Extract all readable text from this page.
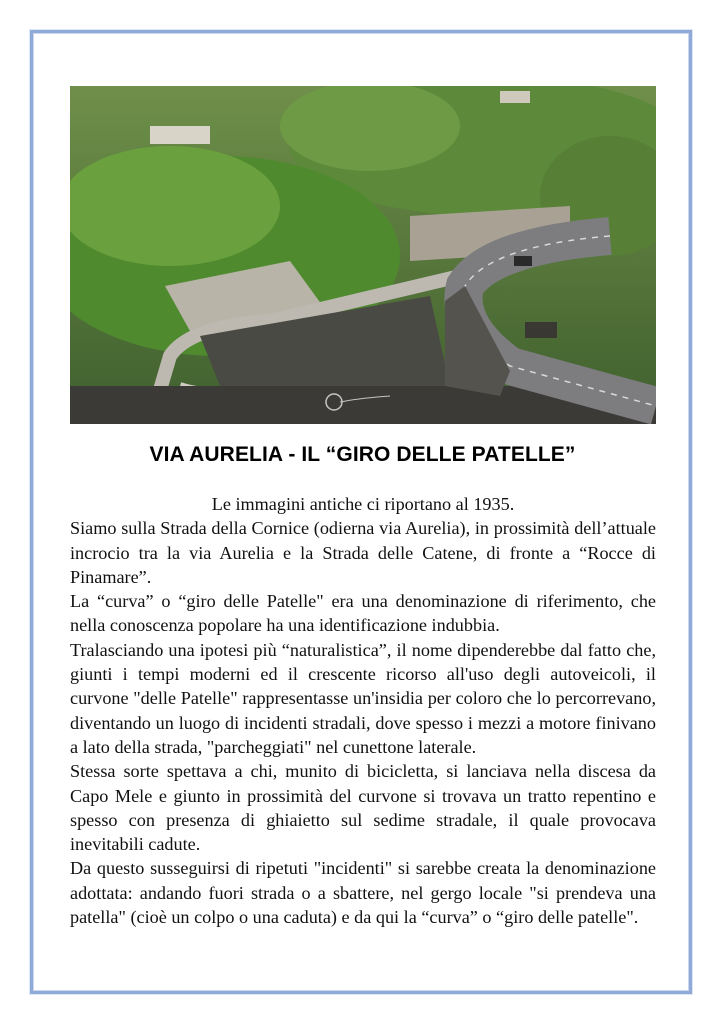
VIA AURELIA - IL “GIRO DELLE PATELLE”

Le immagini antiche ci riportano al 1935.

Siamo sulla Strada della Cornice (odierna via Aurelia), in prossimità dell’attuale incrocio tra la via Aurelia e la Strada delle Catene, di fronte a “Rocce di Pinamare”.

La “curva” o “giro delle Patelle" era una denominazione di riferimento, che nella conoscenza popolare ha una identificazione indubbia.

Tralasciando una ipotesi più “naturalistica”, il nome dipenderebbe dal fatto che, giunti i tempi moderni ed il crescente ricorso all'uso degli autoveicoli, il curvone "delle Patelle" rappresentasse un'insidia per coloro che lo percorrevano, diventando un luogo di incidenti stradali, dove spesso i mezzi a motore finivano a lato della strada, "parcheggiati" nel cunettone laterale.

Stessa sorte spettava a chi, munito di bicicletta, si lanciava nella discesa da Capo Mele e giunto in prossimità del curvone si trovava un tratto repentino e spesso con presenza di ghiaietto sul sedime stradale, il quale provocava inevitabili cadute.

Da questo susseguirsi di ripetuti "incidenti" si sarebbe creata la denominazione adottata: andando fuori strada o a sbattere, nel gergo locale "si prendeva una patella" (cioè un colpo o una caduta) e da qui la “curva” o “giro delle patelle".
